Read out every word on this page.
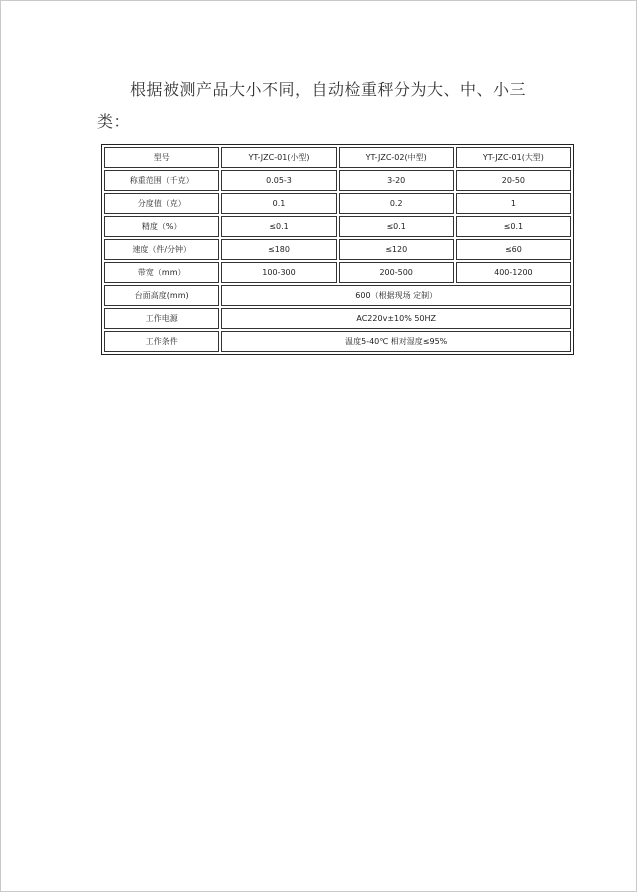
根据被测产品大小不同，自动检重秤分为大、中、小三
类：
型号	YT-JZC-01(小型)	YT-JZC-02(中型)	YT-JZC-01(大型)
称重范围（千克）	0.05-3	3-20	20-50
分度值（克）	0.1	0.2	1
精度（%）	≤0.1	≤0.1	≤0.1
速度（件/分钟）	≤180	≤120	≤60
带宽（mm）	100-300	200-500	400-1200
台面高度(mm)	600（根据现场 定制）		
工作电源	AC220v±10% 50HZ		
工作条件	温度5-40℃ 相对湿度≤95%		
